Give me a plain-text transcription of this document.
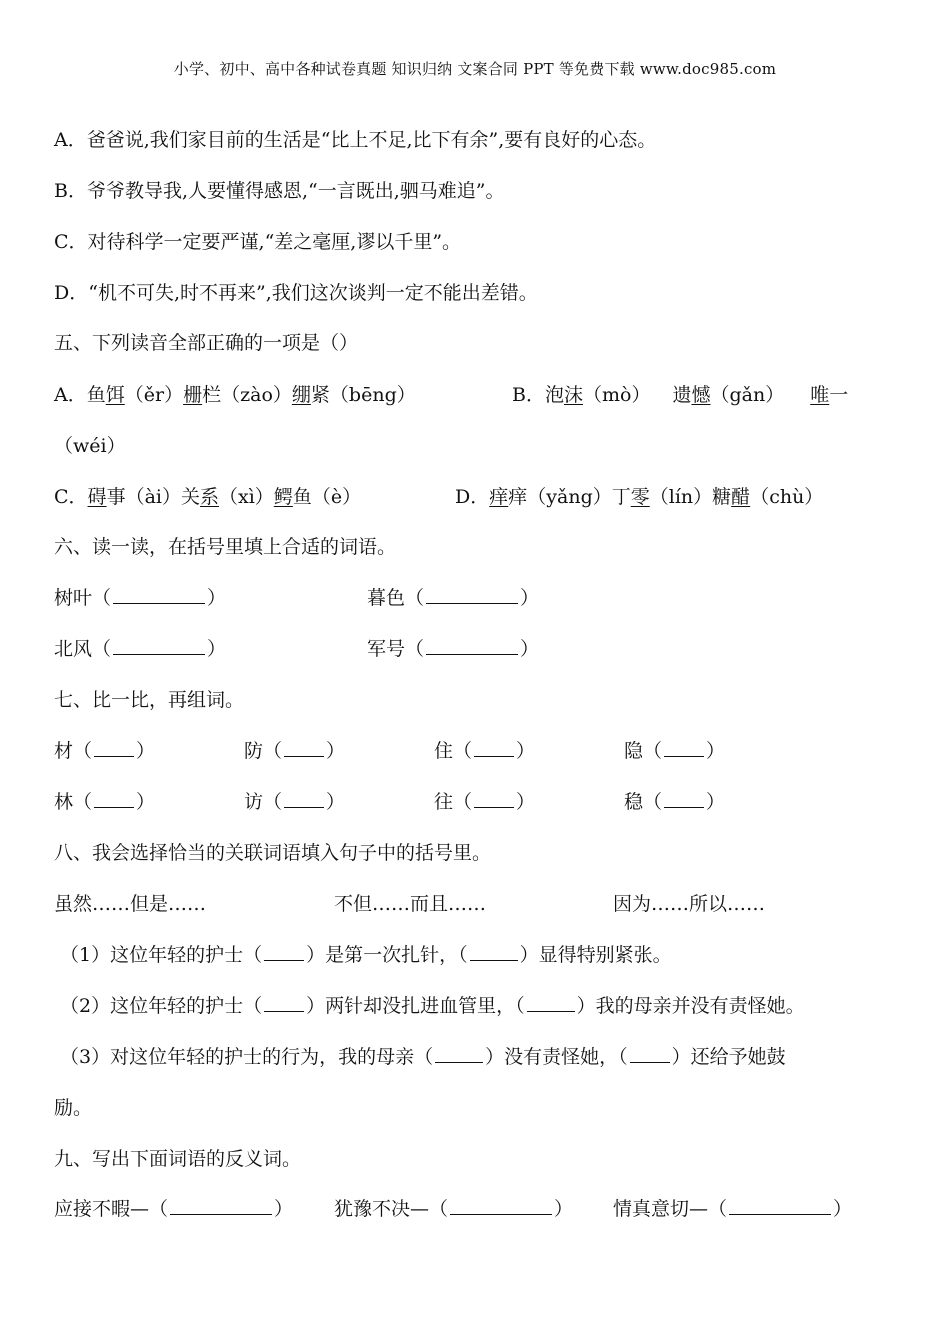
小学、初中、高中各种试卷真题 知识归纳 文案合同 PPT 等免费下载 www.doc985.com
A．爸爸说,我们家目前的生活是“比上不足,比下有余”,要有良好的心态。
B．爷爷教导我,人要懂得感恩,“一言既出,驷马难追”。
C．对待科学一定要严谨,“差之毫厘,谬以千里”。
D．“机不可失,时不再来”,我们这次谈判一定不能出差错。
五、下列读音全部正确的一项是（）
A．鱼饵（ěr）栅栏（zào）绷紧（bēng）	B．泡沫（mò） 遗憾（gǎn） 唯一
（wéi）
C．碍事（ài）关系（xì）鳄鱼（è）	D．痒痒（yǎng）丁零（lín）糖醋（chù）
六、读一读，在括号里填上合适的词语。
树叶（	）	暮色（	）
北风（	）	军号（	）
七、比一比，再组词。
材（ ）	防（ ）	住（ ）	隐（ ）
林（ ）	访（ ）	往（ ）	稳（ ）
八、我会选择恰当的关联词语填入句子中的括号里。
虽然……但是……	不但……而且……	因为……所以……
（1）这位年轻的护士（ ）是第一次扎针，（	）显得特别紧张。
（2）这位年轻的护士（ ）两针却没扎进血管里，（	）我的母亲并没有责怪她。
（3）对这位年轻的护士的行为，我的母亲（	）没有责怪她，（ ）还给予她鼓
励。
九、写出下面词语的反义词。
应接不暇—（	） 犹豫不决—（	） 情真意切—（	）
